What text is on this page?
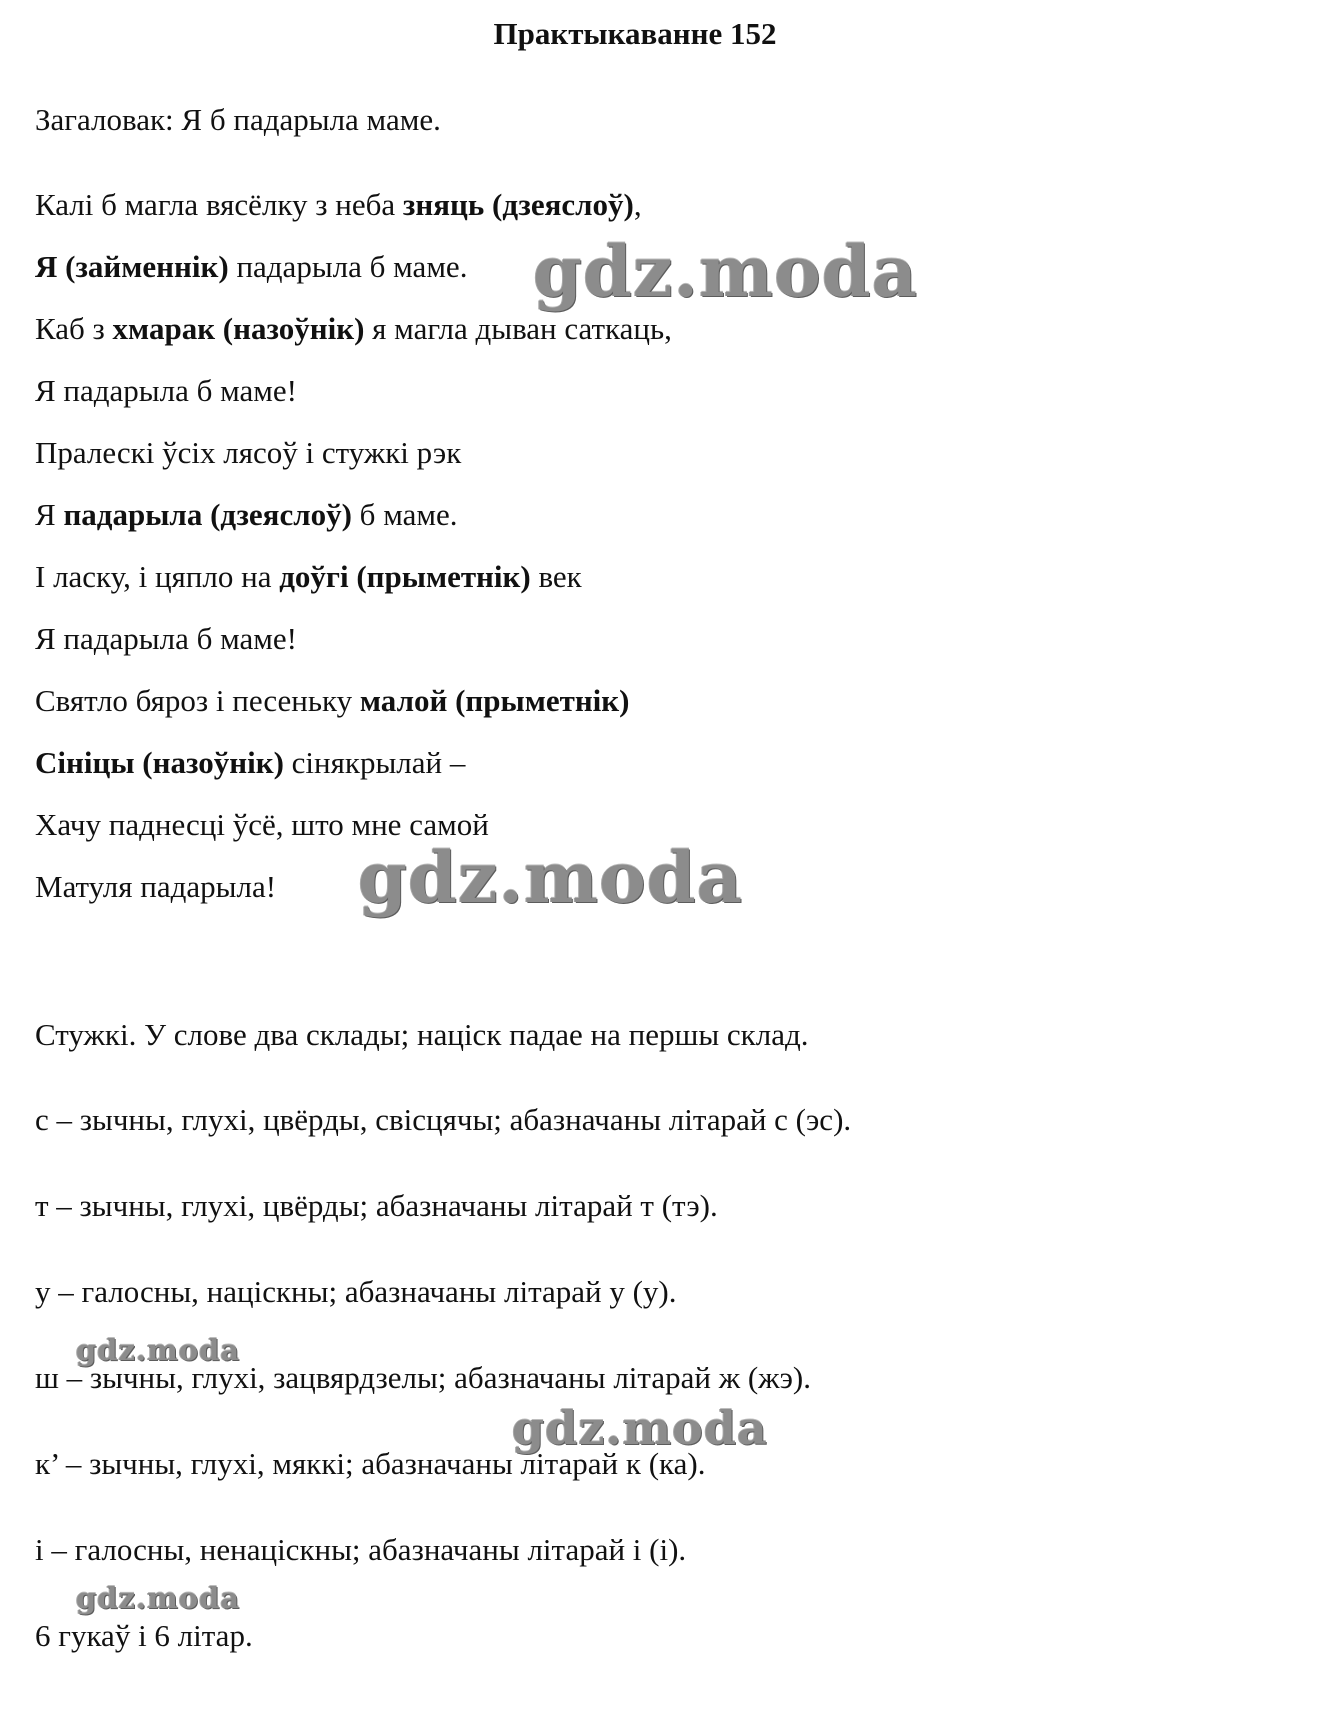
Практыкаванне 152
Загаловак: Я б падарыла маме.
Калі б магла вясёлку з неба зняць (дзеяслоў),
Я (займеннік) падарыла б маме.
Каб з хмарак (назоўнік) я магла дыван саткаць,
Я падарыла б маме!
Пралескі ўсіх лясоў і стужкі рэк
Я падарыла (дзеяслоў) б маме.
І ласку, і цяпло на доўгі (прыметнік) век
Я падарыла б маме!
Святло бяроз і песеньку малой (прыметнік)
Сініцы (назоўнік) сінякрылай –
Хачу паднесці ўсё, што мне самой
Матуля падарыла!
Стужкі. У слове два склады; націск падае на першы склад.
с – зычны, глухі, цвёрды, свісцячы; абазначаны літарай с (эс).
т – зычны, глухі, цвёрды; абазначаны літарай т (тэ).
у – галосны, націскны; абазначаны літарай у (у).
ш – зычны, глухі, зацвярдзелы; абазначаны літарай ж (жэ).
к’ – зычны, глухі, мяккі; абазначаны літарай к (ка).
і – галосны, ненаціскны; абазначаны літарай і (і).
6 гукаў і 6 літар.
gdz.moda
gdz.moda
gdz.moda
gdz.moda
gdz.moda
